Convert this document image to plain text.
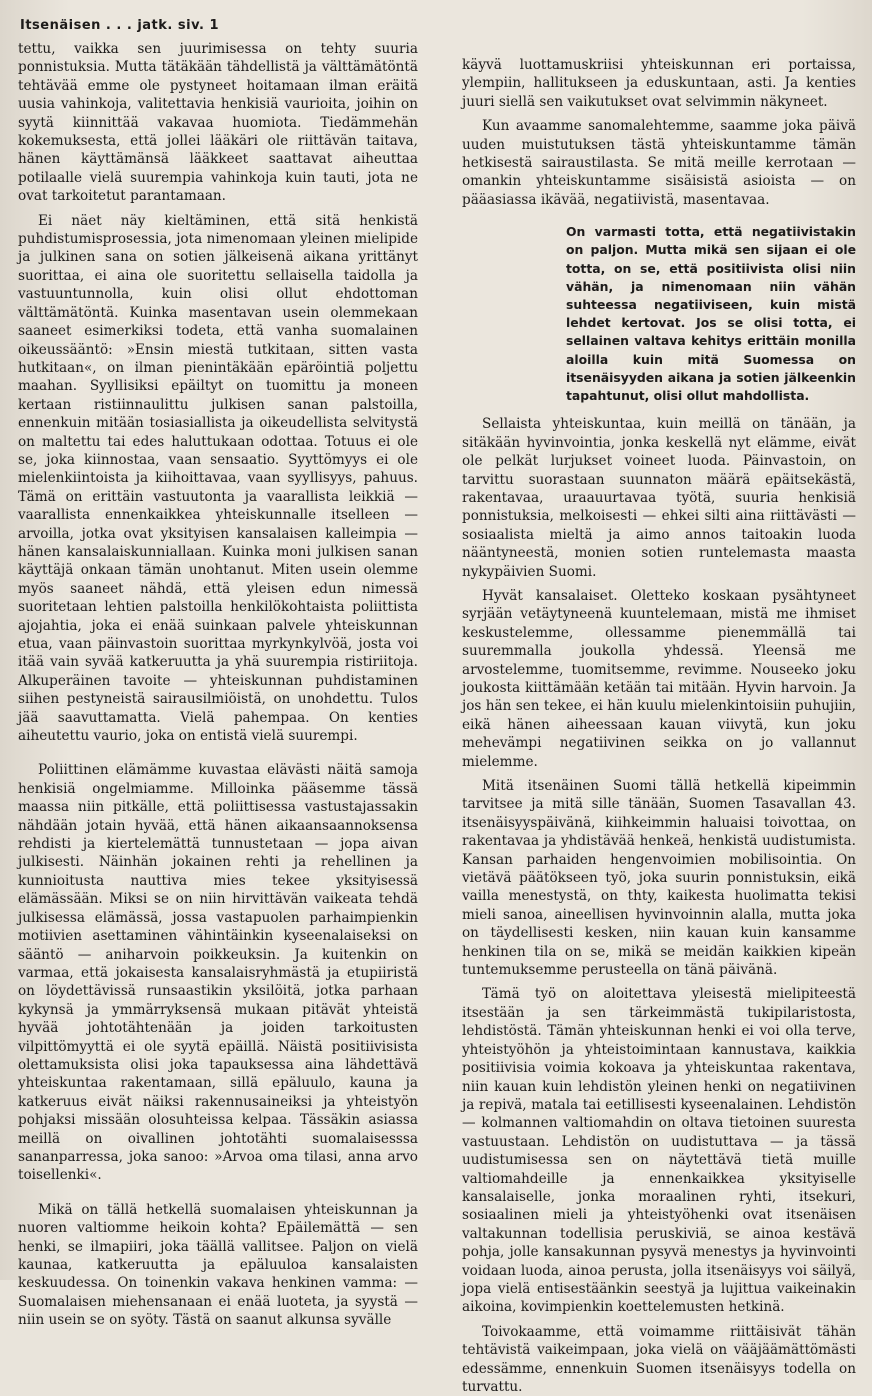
Itsenäisen . . . jatk. siv. 1

tettu, vaikka sen juurimisessa on tehty suuria ponnistuksia. Mutta tätäkään tähdellistä ja välttämätöntä tehtävää emme ole pystyneet hoitamaan ilman eräitä uusia vahinkoja, valitettavia henkisiä vaurioita, joihin on syytä kiinnittää vakavaa huomiota. Tiedämmehän kokemuksesta, että jollei lääkäri ole riittävän taitava, hänen käyttämänsä lääkkeet saattavat aiheuttaa potilaalle vielä suurempia vahinkoja kuin tauti, jota ne ovat tarkoitetut parantamaan.

Ei näet näy kieltäminen, että sitä henkistä puhdistumisprosessia, jota nimenomaan yleinen mielipide ja julkinen sana on sotien jälkeisenä aikana yrittänyt suorittaa, ei aina ole suoritettu sellaisella taidolla ja vastuuntunnolla, kuin olisi ollut ehdottoman välttämätöntä. Kuinka masentavan usein olemmekaan saaneet esimerkiksi todeta, että vanha suomalainen oikeussääntö: »Ensin miestä tutkitaan, sitten vasta hutkitaan«, on ilman pienintäkään epäröintiä poljettu maahan. Syyllisiksi epäiltyt on tuomittu ja moneen kertaan ristiinnaulittu julkisen sanan palstoilla, ennenkuin mitään tosiasiallista ja oikeudellista selvitystä on maltettu tai edes haluttukaan odottaa. Totuus ei ole se, joka kiinnostaa, vaan sensaatio. Syyttömyys ei ole mielenkiintoista ja kiihoittavaa, vaan syyllisyys, pahuus. Tämä on erittäin vastuutonta ja vaarallista leikkiä — vaarallista ennenkaikkea yhteiskunnalle itselleen — arvoilla, jotka ovat yksityisen kansalaisen kalleimpia — hänen kansalaiskunniallaan. Kuinka moni julkisen sanan käyttäjä onkaan tämän unohtanut. Miten usein olemme myös saaneet nähdä, että yleisen edun nimessä suoritetaan lehtien palstoilla henkilökohtaista poliittista ajojahtia, joka ei enää suinkaan palvele yhteiskunnan etua, vaan päinvastoin suorittaa myrkynkylvöä, josta voi itää vain syvää katkeruutta ja yhä suurempia ristiriitoja. Alkuperäinen tavoite — yhteiskunnan puhdistaminen siihen pestyneistä sairausilmiöistä, on unohdettu. Tulos jää saavuttamatta. Vielä pahempaa. On kenties aiheutettu vaurio, joka on entistä vielä suurempi.

Poliittinen elämämme kuvastaa elävästi näitä samoja henkisiä ongelmiamme. Milloinka pääsemme tässä maassa niin pitkälle, että poliittisessa vastustajassakin nähdään jotain hyvää, että hänen aikaansaannoksensa rehdisti ja kiertelemättä tunnustetaan — jopa aivan julkisesti. Näinhän jokainen rehti ja rehellinen ja kunnioitusta nauttiva mies tekee yksityisessä elämässään. Miksi se on niin hirvittävän vaikeata tehdä julkisessa elämässä, jossa vastapuolen parhaimpienkin motiivien asettaminen vähintäinkin kyseenalaiseksi on sääntö — aniharvoin poikkeuksin. Ja kuitenkin on varmaa, että jokaisesta kansalaisryhmästä ja etupiiristä on löydettävissä runsaastikin yksilöitä, jotka parhaan kykynsä ja ymmärryksensä mukaan pitävät yhteistä hyvää johtotähtenään ja joiden tarkoitusten vilpittömyyttä ei ole syytä epäillä. Näistä positiivisista olettamuksista olisi joka tapauksessa aina lähdettävä yhteiskuntaa rakentamaan, sillä epäluulo, kauna ja katkeruus eivät näiksi rakennusaineiksi ja yhteistyön pohjaksi missään olosuhteissa kelpaa. Tässäkin asiassa meillä on oivallinen johtotähti suomalaisesssa sananparressa, joka sanoo: »Arvoa oma tilasi, anna arvo toisellenki«.

Mikä on tällä hetkellä suomalaisen yhteiskunnan ja nuoren valtiomme heikoin kohta? Epäilemättä — sen henki, se ilmapiiri, joka täällä vallitsee. Paljon on vielä kaunaa, katkeruutta ja epäluuloa kansalaisten keskuudessa. On toinenkin vakava henkinen vamma: — Suomalaisen miehensanaan ei enää luoteta, ja syystä — niin usein se on syöty. Tästä on saanut alkunsa syvälle

käyvä luottamuskriisi yhteiskunnan eri portaissa, ylempiin, hallitukseen ja eduskuntaan, asti. Ja kenties juuri siellä sen vaikutukset ovat selvimmin näkyneet.

Kun avaamme sanomalehtemme, saamme joka päivä uuden muistutuksen tästä yhteiskuntamme tämän hetkisestä sairaustilasta. Se mitä meille kerrotaan — omankin yhteiskuntamme sisäisistä asioista — on pääasiassa ikävää, negatiivistä, masentavaa.

On varmasti totta, että negatiivistakin on paljon. Mutta mikä sen sijaan ei ole totta, on se, että positiivista olisi niin vähän, ja nimenomaan niin vähän suhteessa negatiiviseen, kuin mistä lehdet kertovat. Jos se olisi totta, ei sellainen valtava kehitys erittäin monilla aloilla kuin mitä Suomessa on itsenäisyyden aikana ja sotien jälkeenkin tapahtunut, olisi ollut mahdollista.

Sellaista yhteiskuntaa, kuin meillä on tänään, ja sitäkään hyvinvointia, jonka keskellä nyt elämme, eivät ole pelkät lurjukset voineet luoda. Päinvastoin, on tarvittu suorastaan suunnaton määrä epäitsekästä, rakentavaa, uraauurtavaa työtä, suuria henkisiä ponnistuksia, melkoisesti — ehkei silti aina riittävästi — sosiaalista mieltä ja aimo annos taitoakin luoda nääntyneestä, monien sotien runtelemasta maasta nykypäivien Suomi.

Hyvät kansalaiset. Oletteko koskaan pysähtyneet syrjään vetäytyneenä kuuntelemaan, mistä me ihmiset keskustelemme, ollessamme pienemmällä tai suuremmalla joukolla yhdessä. Yleensä me arvostelemme, tuomitsemme, revimme. Nouseeko joku joukosta kiittämään ketään tai mitään. Hyvin harvoin. Ja jos hän sen tekee, ei hän kuulu mielenkintoisiin puhujiin, eikä hänen aiheessaan kauan viivytä, kun joku mehevämpi negatiivinen seikka on jo vallannut mielemme.

Mitä itsenäinen Suomi tällä hetkellä kipeimmin tarvitsee ja mitä sille tänään, Suomen Tasavallan 43. itsenäisyyspäivänä, kiihkeimmin haluaisi toivottaa, on rakentavaa ja yhdistävää henkeä, henkistä uudistumista. Kansan parhaiden hengenvoimien mobilisointia. On vietävä päätökseen työ, joka suurin ponnistuksin, eikä vailla menestystä, on thty, kaikesta huolimatta tekisi mieli sanoa, aineellisen hyvinvoinnin alalla, mutta joka on täydellisesti kesken, niin kauan kuin kansamme henkinen tila on se, mikä se meidän kaikkien kipeän tuntemuksemme perusteella on tänä päivänä.

Tämä työ on aloitettava yleisestä mielipiteestä itsestään ja sen tärkeimmästä tukipilaristosta, lehdistöstä. Tämän yhteiskunnan henki ei voi olla terve, yhteistyöhön ja yhteistoimintaan kannustava, kaikkia positiivisia voimia kokoava ja yhteiskuntaa rakentava, niin kauan kuin lehdistön yleinen henki on negatiivinen ja repivä, matala tai eetillisesti kyseenalainen. Lehdistön — kolmannen valtiomahdin on oltava tietoinen suuresta vastuustaan. Lehdistön on uudistuttava — ja tässä uudistumisessa sen on näytettävä tietä muille valtiomahdeille ja ennenkaikkea yksityiselle kansalaiselle, jonka moraalinen ryhti, itsekuri, sosiaalinen mieli ja yhteistyöhenki ovat itsenäisen valtakunnan todellisia peruskiviä, se ainoa kestävä pohja, jolle kansakunnan pysyvä menestys ja hyvinvointi voidaan luoda, ainoa perusta, jolla itsenäisyys voi säilyä, jopa vielä entisestäänkin seestyä ja lujittua vaikeinakin aikoina, kovimpienkin koettelemusten hetkinä.

Toivokaamme, että voimamme riittäisivät tähän tehtävistä vaikeimpaan, joka vielä on vääjäämättömästi edessämme, ennenkuin Suomen itsenäisyys todella on turvattu.
